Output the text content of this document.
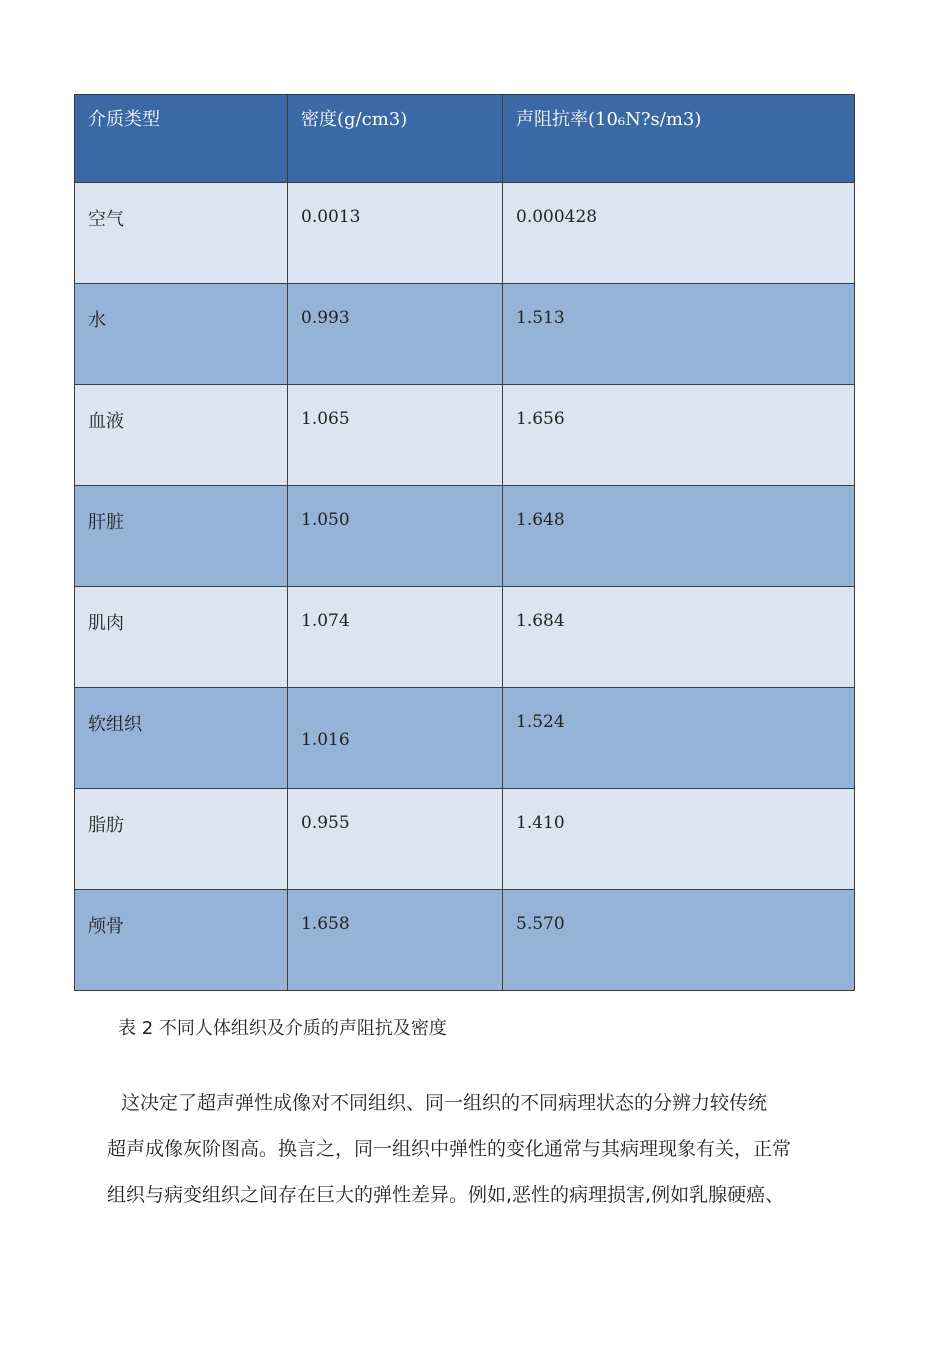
介质类型	密度(g/cm3)	声阻抗率(10₆N?s/m3)
空气	0.0013	0.000428
水	0.993	1.513
血液	1.065	1.656
肝脏	1.050	1.648
肌肉	1.074	1.684
软组织	1.016	1.524
脂肪	0.955	1.410
颅骨	1.658	5.570
表 2 不同人体组织及介质的声阻抗及密度

这决定了超声弹性成像对不同组织、同一组织的不同病理状态的分辨力较传统

超声成像灰阶图高。换言之，同一组织中弹性的变化通常与其病理现象有关，正常

组织与病变组织之间存在巨大的弹性差异。例如,恶性的病理损害,例如乳腺硬癌、
